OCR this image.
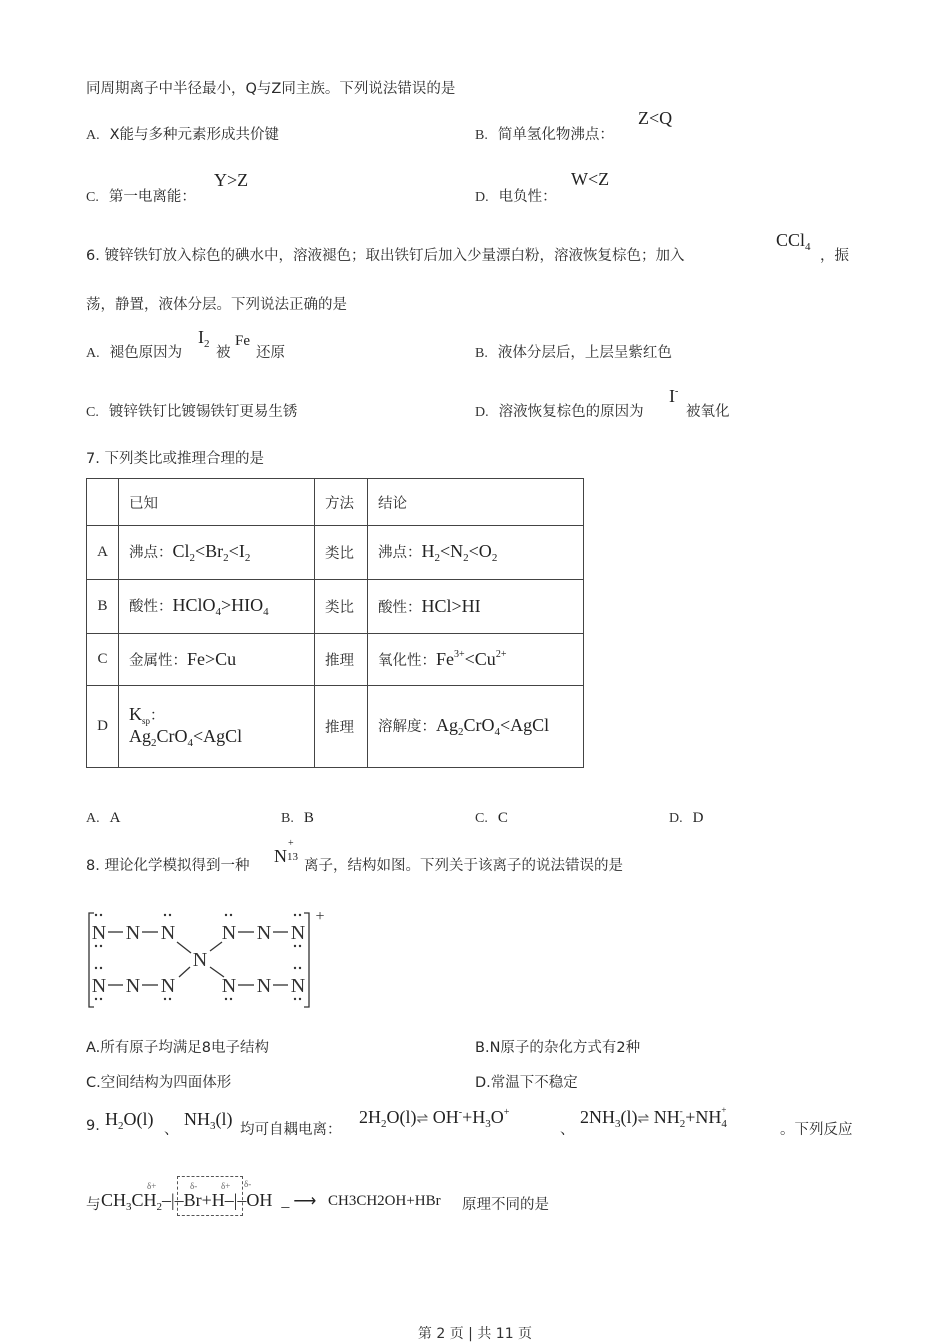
同周期离子中半径最小，Q与Z同主族。下列说法错误的是
A. X能与多种元素形成共价键	B. 简单氢化物沸点：
Z<Q
C. 第一电离能：
Y>Z
D. 电负性：
W<Z
6. 镀锌铁钉放入棕色的碘水中，溶液褪色；取出铁钉后加入少量漂白粉，溶液恢复棕色；加入
CCl$_4$
，振
荡，静置，液体分层。下列说法正确的是
A. 褪色原因为
$I_2$
被
Fe
还原	B. 液体分层后，上层呈紫红色
C. 镀锌铁钉比镀锡铁钉更易生锈	D. 溶液恢复棕色的原因为
I-
被氧化
7. 下列类比或推理合理的是
	已知	方法	结论
A	沸点：$Cl_2<Br_2<I_2$	类比	沸点：$H_2<N_2<O_2$
B	酸性：$HClO_4>HIO_4$	类比	酸性：HCl>HI
C	金属性：Fe>Cu	推理	氧化性：$Fe^{3+}<Cu^{2+}$
D	$K_{sp}$：
$Ag_2CrO_4<AgCl$	推理	溶解度：$Ag_2CrO_4<AgCl$
A. A	B. B	C. C	D. D
8. 理论化学模拟得到一种 N
+
13
离子，结构如图。下列关于该离子的说法错误的是
N N N
N N N
N N N
N N N
N
+
A.所有原子均满足8电子结构	B.N原子的杂化方式有2种
C.空间结构为四面体形	D.常温下不稳定
9. $H_2O(l)$
、
$NH_3(l)$
均可自耦电离：
$2H_2O(l)\rightleftharpoons$ $OH^-+H_3O^+$
、
$2NH_3(l)\rightleftharpoons$ NH $_{- 2}$+NH $_{+ 4}$	。下列反应
δ+	δ-	δ+ δ-
与 $CH_3CH_2-|-Br+H-|-OH$  _ ⟶ CH3CH2OH+HBr 原理不同的是
第 2 页 | 共 11 页
